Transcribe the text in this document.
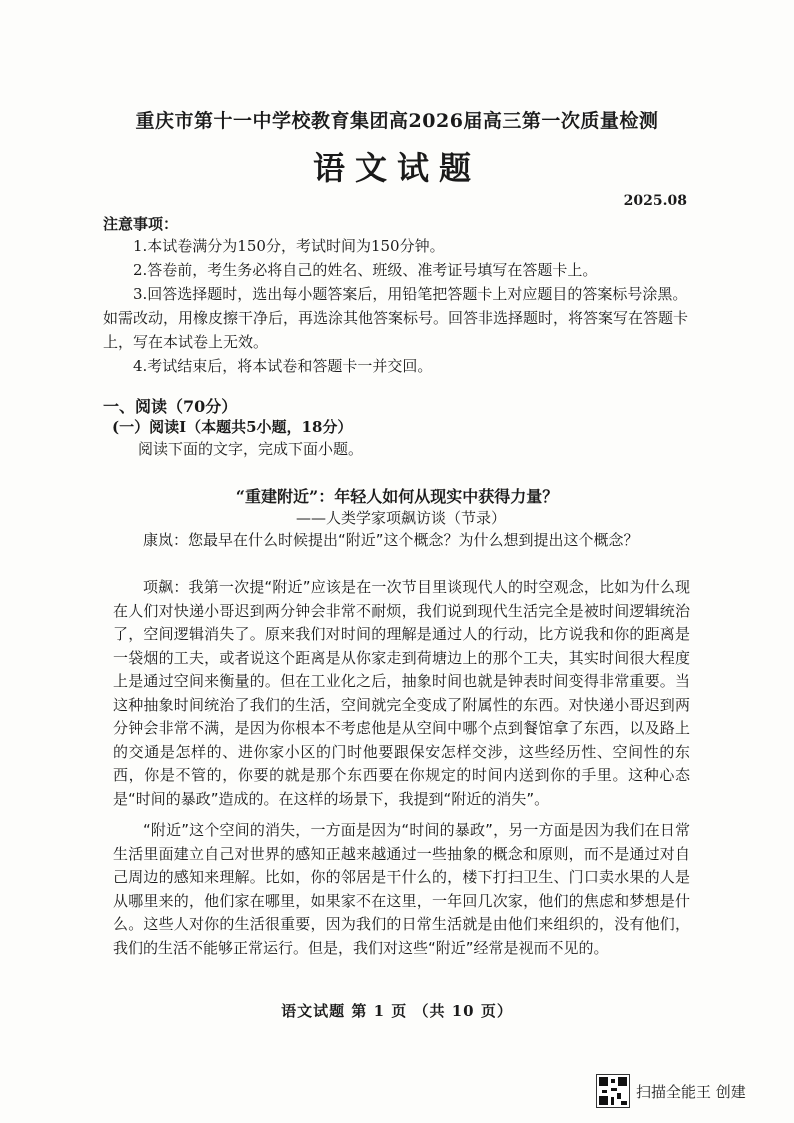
重庆市第十一中学校教育集团高2026届高三第一次质量检测
语文试题
2025.08
注意事项：

1.本试卷满分为150分，考试时间为150分钟。

2.答卷前，考生务必将自己的姓名、班级、准考证号填写在答题卡上。

3.回答选择题时，选出每小题答案后，用铅笔把答题卡上对应题目的答案标号涂黑。如需改动，用橡皮擦干净后，再选涂其他答案标号。回答非选择题时，将答案写在答题卡上，写在本试卷上无效。

4.考试结束后，将本试卷和答题卡一并交回。

一、阅读（70分）
(一）阅读Ⅰ（本题共5小题，18分）
阅读下面的文字，完成下面小题。
“重建附近”：年轻人如何从现实中获得力量？
——人类学家项飙访谈（节录）

康岚：您最早在什么时候提出“附近”这个概念？为什么想到提出这个概念？

项飙：我第一次提“附近”应该是在一次节目里谈现代人的时空观念，比如为什么现在人们对快递小哥迟到两分钟会非常不耐烦，我们说到现代生活完全是被时间逻辑统治了，空间逻辑消失了。原来我们对时间的理解是通过人的行动，比方说我和你的距离是一袋烟的工夫，或者说这个距离是从你家走到荷塘边上的那个工夫，其实时间很大程度上是通过空间来衡量的。但在工业化之后，抽象时间也就是钟表时间变得非常重要。当这种抽象时间统治了我们的生活，空间就完全变成了附属性的东西。对快递小哥迟到两分钟会非常不满，是因为你根本不考虑他是从空间中哪个点到餐馆拿了东西，以及路上的交通是怎样的、进你家小区的门时他要跟保安怎样交涉，这些经历性、空间性的东西，你是不管的，你要的就是那个东西要在你规定的时间内送到你的手里。这种心态是“时间的暴政”造成的。在这样的场景下，我提到“附近的消失”。

“附近”这个空间的消失，一方面是因为“时间的暴政”，另一方面是因为我们在日常生活里面建立自己对世界的感知正越来越通过一些抽象的概念和原则，而不是通过对自己周边的感知来理解。比如，你的邻居是干什么的，楼下打扫卫生、门口卖水果的人是从哪里来的，他们家在哪里，如果家不在这里，一年回几次家，他们的焦虑和梦想是什么。这些人对你的生活很重要，因为我们的日常生活就是由他们来组织的，没有他们，我们的生活不能够正常运行。但是，我们对这些“附近”经常是视而不见的。

语文试题 第 1 页 （共 10 页）
扫描全能王 创建
